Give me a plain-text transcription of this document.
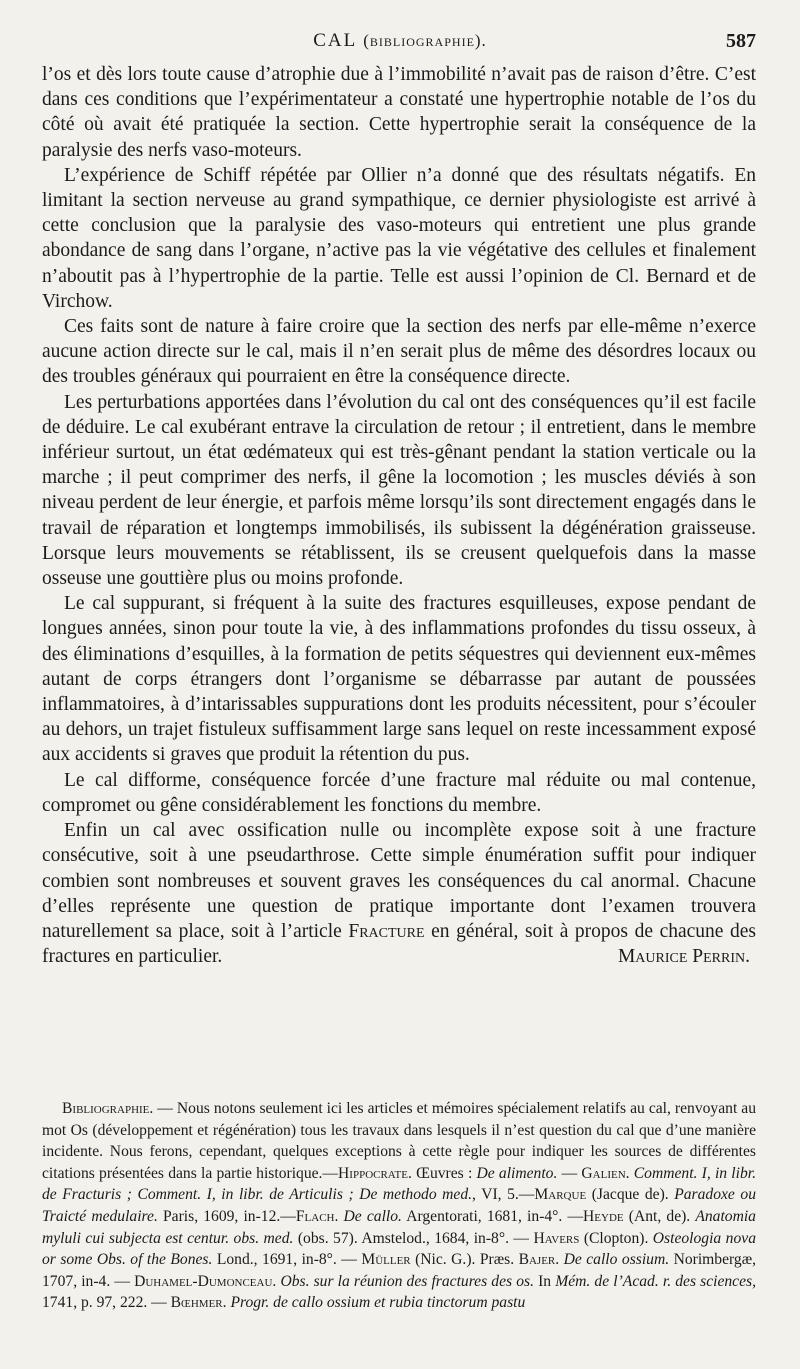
CAL (bibliographie).	587

l’os et dès lors toute cause d’atrophie due à l’immobilité n’avait pas de raison d’être. C’est dans ces conditions que l’expérimentateur a constaté une hypertrophie notable de l’os du côté où avait été pratiquée la section. Cette hypertrophie serait la conséquence de la paralysie des nerfs vaso-moteurs.

L’expérience de Schiff répétée par Ollier n’a donné que des résultats négatifs. En limitant la section nerveuse au grand sympathique, ce dernier physiologiste est arrivé à cette conclusion que la paralysie des vaso-moteurs qui entretient une plus grande abondance de sang dans l’organe, n’active pas la vie végétative des cellules et finalement n’aboutit pas à l’hypertrophie de la partie. Telle est aussi l’opinion de Cl. Bernard et de Virchow.

Ces faits sont de nature à faire croire que la section des nerfs par elle-même n’exerce aucune action directe sur le cal, mais il n’en serait plus de même des désordres locaux ou des troubles généraux qui pourraient en être la conséquence directe.

Les perturbations apportées dans l’évolution du cal ont des conséquences qu’il est facile de déduire. Le cal exubérant entrave la circulation de retour ; il entretient, dans le membre inférieur surtout, un état œdémateux qui est très-gênant pendant la station verticale ou la marche ; il peut comprimer des nerfs, il gêne la locomotion ; les muscles déviés à son niveau perdent de leur énergie, et parfois même lorsqu’ils sont directement engagés dans le travail de réparation et longtemps immobilisés, ils subissent la dégénération graisseuse. Lorsque leurs mouvements se rétablissent, ils se creusent quelquefois dans la masse osseuse une gouttière plus ou moins profonde.

Le cal suppurant, si fréquent à la suite des fractures esquilleuses, expose pendant de longues années, sinon pour toute la vie, à des inflammations profondes du tissu osseux, à des éliminations d’esquilles, à la formation de petits séquestres qui deviennent eux-mêmes autant de corps étrangers dont l’organisme se débarrasse par autant de poussées inflammatoires, à d’intarissables suppurations dont les produits nécessitent, pour s’écouler au dehors, un trajet fistuleux suffisamment large sans lequel on reste incessamment exposé aux accidents si graves que produit la rétention du pus.

Le cal difforme, conséquence forcée d’une fracture mal réduite ou mal contenue, compromet ou gêne considérablement les fonctions du membre.

Enfin un cal avec ossification nulle ou incomplète expose soit à une fracture consécutive, soit à une pseudarthrose. Cette simple énumération suffit pour indiquer combien sont nombreuses et souvent graves les conséquences du cal anormal. Chacune d’elles représente une question de pratique importante dont l’examen trouvera naturellement sa place, soit à l’article Fracture en général, soit à propos de chacune des fractures en particulier.	Maurice Perrin.

Bibliographie. — Nous notons seulement ici les articles et mémoires spécialement relatifs au cal, renvoyant au mot Os (développement et régénération) tous les travaux dans lesquels il n’est question du cal que d’une manière incidente. Nous ferons, cependant, quelques exceptions à cette règle pour indiquer les sources de différentes citations présentées dans la partie historique.—Hippocrate. Œuvres : De alimento. — Galien. Comment. I, in libr. de Fracturis ; Comment. I, in libr. de Articulis ; De methodo med., VI, 5.—Marque (Jacque de). Paradoxe ou Traicté medulaire. Paris, 1609, in-12.—Flach. De callo. Argentorati, 1681, in-4°. —Heyde (Ant, de). Anatomia myluli cui subjecta est centur. obs. med. (obs. 57). Amstelod., 1684, in-8°. — Havers (Clopton). Osteologia nova or some Obs. of the Bones. Lond., 1691, in-8°. — Müller (Nic. G.). Præs. Bajer. De callo ossium. Norimbergæ, 1707, in-4. — Duhamel-Dumonceau. Obs. sur la réunion des fractures des os. In Mém. de l’Acad. r. des sciences, 1741, p. 97, 222. — Bœhmer. Progr. de callo ossium et rubia tinctorum pastu
